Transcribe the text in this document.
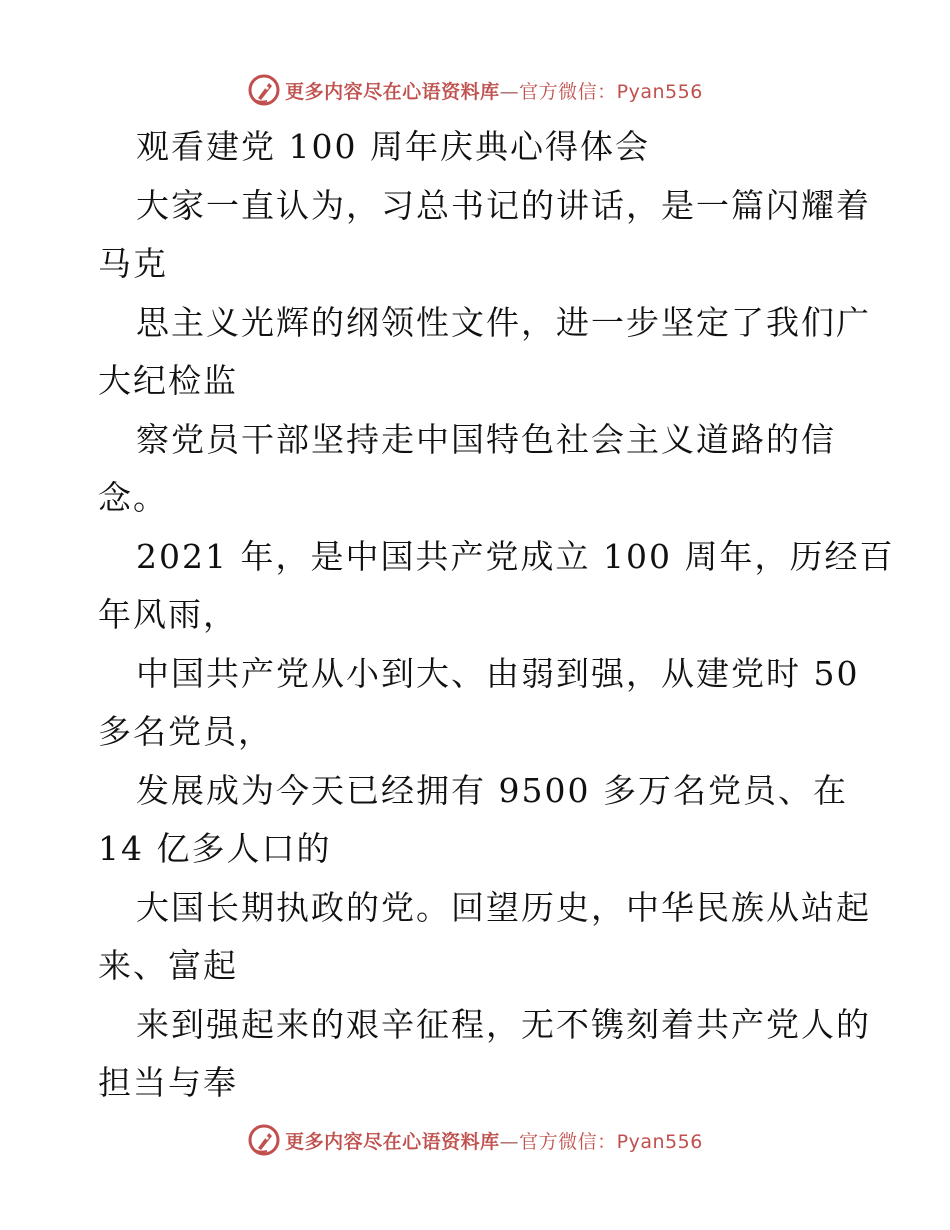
更多内容尽在心语资料库—官方微信：Pyan556
观看建党 100 周年庆典心得体会
大家一直认为，习总书记的讲话，是一篇闪耀着
马克
思主义光辉的纲领性文件，进一步坚定了我们广
大纪检监
察党员干部坚持走中国特色社会主义道路的信
念。
2021 年，是中国共产党成立 100 周年，历经百
年风雨，
中国共产党从小到大、由弱到强，从建党时 50
多名党员，
发展成为今天已经拥有 9500 多万名党员、在
14 亿多人口的
大国长期执政的党。回望历史，中华民族从站起
来、富起
来到强起来的艰辛征程，无不镌刻着共产党人的
担当与奉
更多内容尽在心语资料库—官方微信：Pyan556
